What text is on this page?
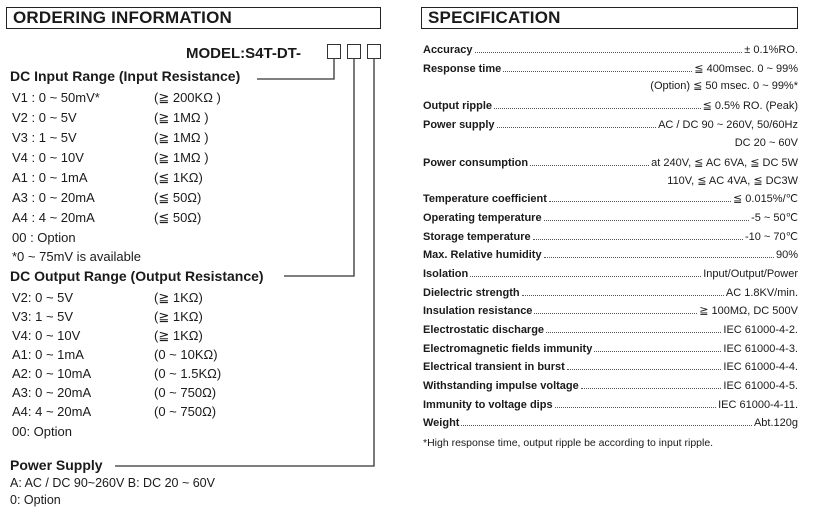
ORDERING INFORMATION
MODEL:S4T-DT-
DC Input Range (Input Resistance)
V1 : 0 ~ 50mV*	(≧ 200KΩ )
V2 : 0 ~ 5V	(≧ 1MΩ )
V3 : 1 ~ 5V	(≧ 1MΩ )
V4 : 0 ~ 10V	(≧ 1MΩ )
A1 : 0 ~ 1mA	(≦ 1KΩ)
A3 : 0 ~ 20mA	(≦ 50Ω)
A4 : 4 ~ 20mA	(≦ 50Ω)
00 : Option
*0 ~ 75mV is available
DC Output Range (Output Resistance)
V2: 0 ~ 5V	(≧ 1KΩ)
V3: 1 ~ 5V	(≧ 1KΩ)
V4: 0 ~ 10V	(≧ 1KΩ)
A1: 0 ~ 1mA	(0 ~ 10KΩ)
A2: 0 ~ 10mA	(0 ~ 1.5KΩ)
A3: 0 ~ 20mA	(0 ~ 750Ω)
A4: 4 ~ 20mA	(0 ~ 750Ω)
00: Option
Power Supply
A: AC / DC 90~260V B: DC 20 ~ 60V
0: Option
SPECIFICATION
Accuracy	± 0.1%RO.
Response time	≦ 400msec. 0 ~ 99%
(Option) ≦ 50 msec. 0 ~ 99%*
Output ripple	≦ 0.5% RO. (Peak)
Power supply	AC / DC 90 ~ 260V, 50/60Hz
DC 20 ~ 60V
Power consumption	at 240V, ≦ AC 6VA, ≦ DC 5W
110V, ≦ AC 4VA, ≦ DC3W
Temperature coefficient	≦ 0.015%/℃
Operating temperature	-5 ~ 50℃
Storage temperature	-10 ~ 70℃
Max. Relative humidity	90%
Isolation	Input/Output/Power
Dielectric strength	AC 1.8KV/min.
Insulation resistance	≧ 100MΩ, DC 500V
Electrostatic discharge	IEC 61000-4-2.
Electromagnetic fields immunity	IEC 61000-4-3.
Electrical transient in burst	IEC 61000-4-4.
Withstanding impulse voltage	IEC 61000-4-5.
Immunity to voltage dips	IEC 61000-4-11.
Weight	Abt.120g
*High response time, output ripple be according to input ripple.
